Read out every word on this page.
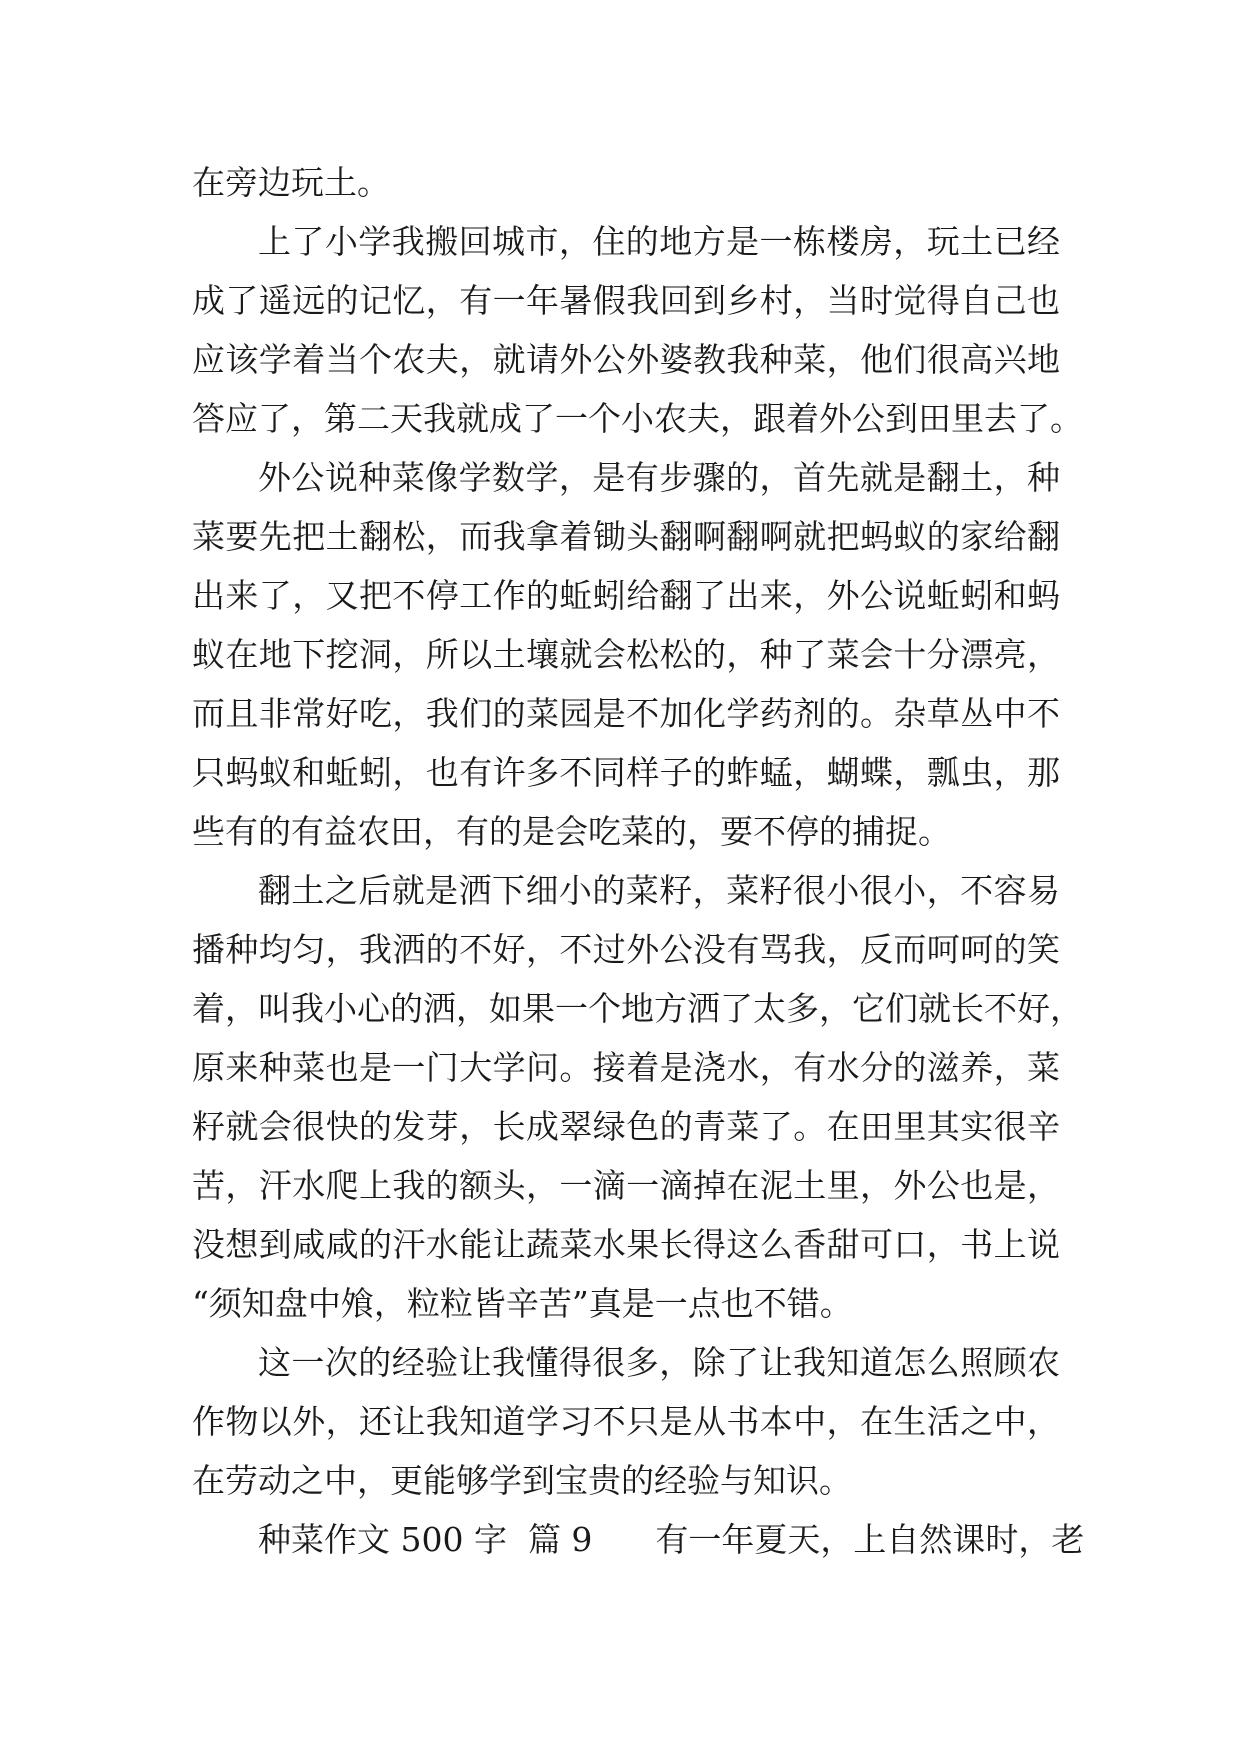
在旁边玩土。
上了小学我搬回城市，住的地方是一栋楼房，玩土已经
成了遥远的记忆，有一年暑假我回到乡村，当时觉得自己也
应该学着当个农夫，就请外公外婆教我种菜，他们很高兴地
答应了，第二天我就成了一个小农夫，跟着外公到田里去了。
外公说种菜像学数学，是有步骤的，首先就是翻土，种
菜要先把土翻松，而我拿着锄头翻啊翻啊就把蚂蚁的家给翻
出来了，又把不停工作的蚯蚓给翻了出来，外公说蚯蚓和蚂
蚁在地下挖洞，所以土壤就会松松的，种了菜会十分漂亮，
而且非常好吃，我们的菜园是不加化学药剂的。杂草丛中不
只蚂蚁和蚯蚓，也有许多不同样子的蚱蜢，蝴蝶，瓢虫，那
些有的有益农田，有的是会吃菜的，要不停的捕捉。
翻土之后就是洒下细小的菜籽，菜籽很小很小，不容易
播种均匀，我洒的不好，不过外公没有骂我，反而呵呵的笑
着，叫我小心的洒，如果一个地方洒了太多，它们就长不好，
原来种菜也是一门大学问。接着是浇水，有水分的滋养，菜
籽就会很快的发芽，长成翠绿色的青菜了。在田里其实很辛
苦，汗水爬上我的额头，一滴一滴掉在泥土里，外公也是，
没想到咸咸的汗水能让蔬菜水果长得这么香甜可口，书上说
“须知盘中飧，粒粒皆辛苦”真是一点也不错。
这一次的经验让我懂得很多，除了让我知道怎么照顾农
作物以外，还让我知道学习不只是从书本中，在生活之中，
在劳动之中，更能够学到宝贵的经验与知识。
种菜作文 500 字  篇 9      有一年夏天，上自然课时，老
